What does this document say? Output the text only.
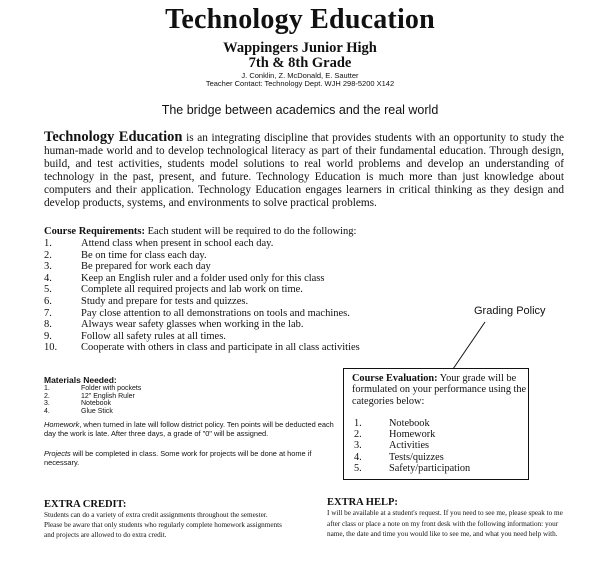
Technology Education
Wappingers Junior High
7th & 8th Grade
J. Conklin, Z. McDonald, E. Sautter
Teacher Contact: Technology Dept. WJH 298-5200 X142
The bridge between academics and the real world
Technology Education is an integrating discipline that provides students with an opportunity to study the human-made world and to develop technological literacy as part of their fundamental education. Through design, build, and test activities, students model solutions to real world problems and develop an understanding of technology in the past, present, and future. Technology Education is much more than just knowledge about computers and their application. Technology Education engages learners in critical thinking as they design and develop products, systems, and environments to solve practical problems.
Course Requirements: Each student will be required to do the following:
1.	Attend class when present in school each day.
2.	Be on time for class each day.
3.	Be prepared for work each day
4.	Keep an English ruler and a folder used only for this class
5.	Complete all required projects and lab work on time.
6.	Study and prepare for tests and quizzes.
7.	Pay close attention to all demonstrations on tools and machines.
8.	Always wear safety glasses when working in the lab.
9.	Follow all safety rules at all times.
10.	Cooperate with others in class and participate in all class activities
Grading Policy
Materials Needed:
1.	Folder with pockets
2.	12" English Ruler
3.	Notebook
4.	Glue Stick
Homework, when turned in late will follow district policy. Ten points will be deducted each day the work is late. After three days, a grade of "0" will be assigned.
Projects will be completed in class. Some work for projects will be done at home if necessary.
Course Evaluation: Your grade will be formulated on your performance using the categories below:
1.	Notebook
2.	Homework
3.	Activities
4.	Tests/quizzes
5.	Safety/participation
EXTRA CREDIT:
Students can do a variety of extra credit assignments throughout the semester. Please be aware that only students who regularly complete homework assignments and projects are allowed to do extra credit.
EXTRA HELP:
I will be available at a student's request. If you need to see me, please speak to me after class or place a note on my front desk with the following information: your name, the date and time you would like to see me, and what you need help with.
